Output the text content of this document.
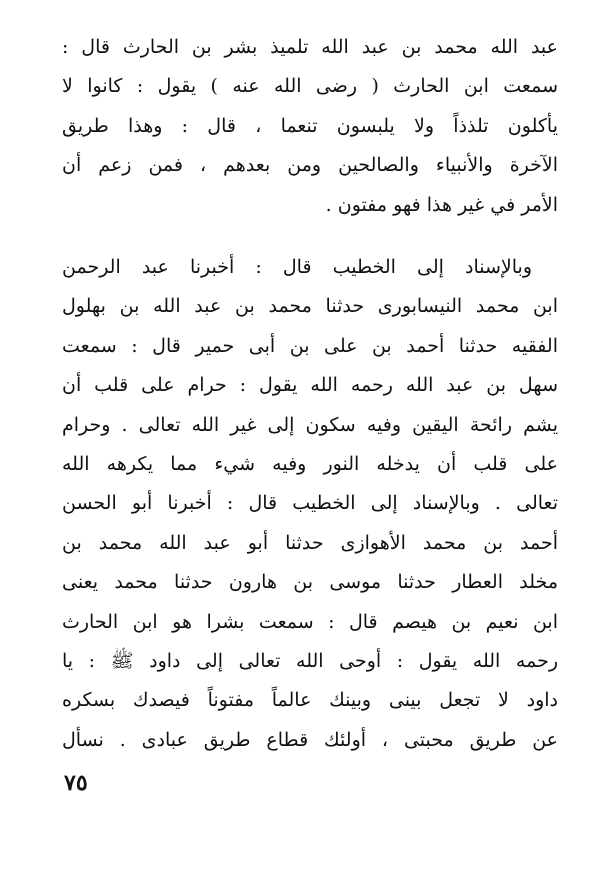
عبد الله محمد بن عبد الله تلميذ بشر بن الحارث قال :
سمعت ابن الحارث ( رضى الله عنه ) يقول : كانوا لا
يأكلون تلذذاً ولا يلبسون تنعما ، قال : وهذا طريق
الآخرة والأنبياء والصالحين ومن بعدهم ، فمن زعم أن
الأمر في غير هذا فهو مفتون .
وبالإسناد إلى الخطيب قال : أخبرنا عبد الرحمن
ابن محمد النيسابورى حدثنا محمد بن عبد الله بن بهلول
الفقيه حدثنا أحمد بن على بن أبى حمير قال : سمعت
سهل بن عبد الله رحمه الله يقول : حرام على قلب أن
يشم رائحة اليقين وفيه سكون إلى غير الله تعالى . وحرام
على قلب أن يدخله النور وفيه شيء مما يكرهه الله
تعالى . وبالإسناد إلى الخطيب قال : أخبرنا أبو الحسن
أحمد بن محمد الأهوازى حدثنا أبو عبد الله محمد بن
مخلد العطار حدثنا موسى بن هارون حدثنا محمد يعنى
ابن نعيم بن هيصم قال : سمعت بشرا هو ابن الحارث
رحمه الله يقول : أوحى الله تعالى إلى داود ﷺ : يا
داود لا تجعل بينى وبينك عالماً مفتوناً فيصدك بسكره
عن طريق محبتى ، أولئك قطاع طريق عبادى . نسأل
٧٥
